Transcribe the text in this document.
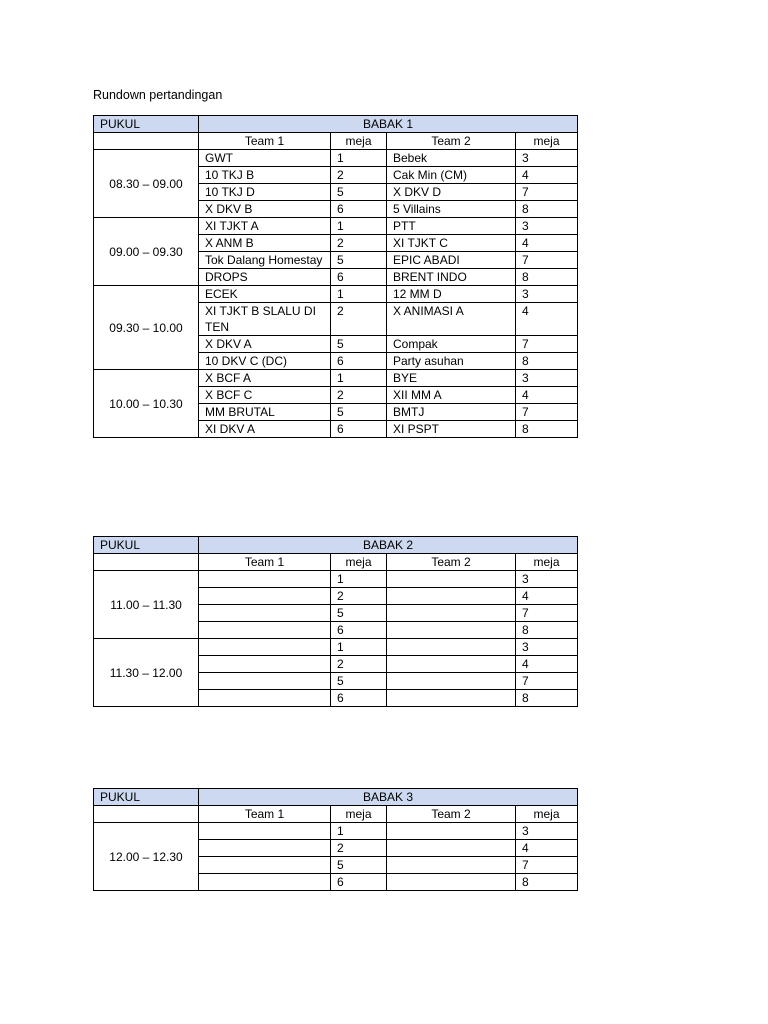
Rundown pertandingan
PUKUL	BABAK 1			
	Team 1	meja	Team 2	meja
08.30 – 09.00	GWT	1	Bebek	3
	10 TKJ B	2	Cak Min (CM)	4
	10 TKJ D	5	X DKV D	7
	X DKV B	6	5 Villains	8
09.00 – 09.30	XI TJKT A	1	PTT	3
	X ANM B	2	XI TJKT C	4
	Tok Dalang Homestay	5	EPIC ABADI	7
	DROPS	6	BRENT INDO	8
09.30 – 10.00	ECEK	1	12 MM D	3
	XI TJKT B SLALU DI TEN	2	X ANIMASI A	4
	X DKV A	5	Compak	7
	10 DKV C (DC)	6	Party asuhan	8
10.00 – 10.30	X BCF A	1	BYE	3
	X BCF C	2	XII MM A	4
	MM BRUTAL	5	BMTJ	7
	XI DKV A	6	XI PSPT	8
PUKUL	BABAK 2			
	Team 1	meja	Team 2	meja
11.00 – 11.30		1		3
		2		4
		5		7
		6		8
11.30 – 12.00		1		3
		2		4
		5		7
		6		8
PUKUL	BABAK 3			
	Team 1	meja	Team 2	meja
12.00 – 12.30		1		3
		2		4
		5		7
		6		8
